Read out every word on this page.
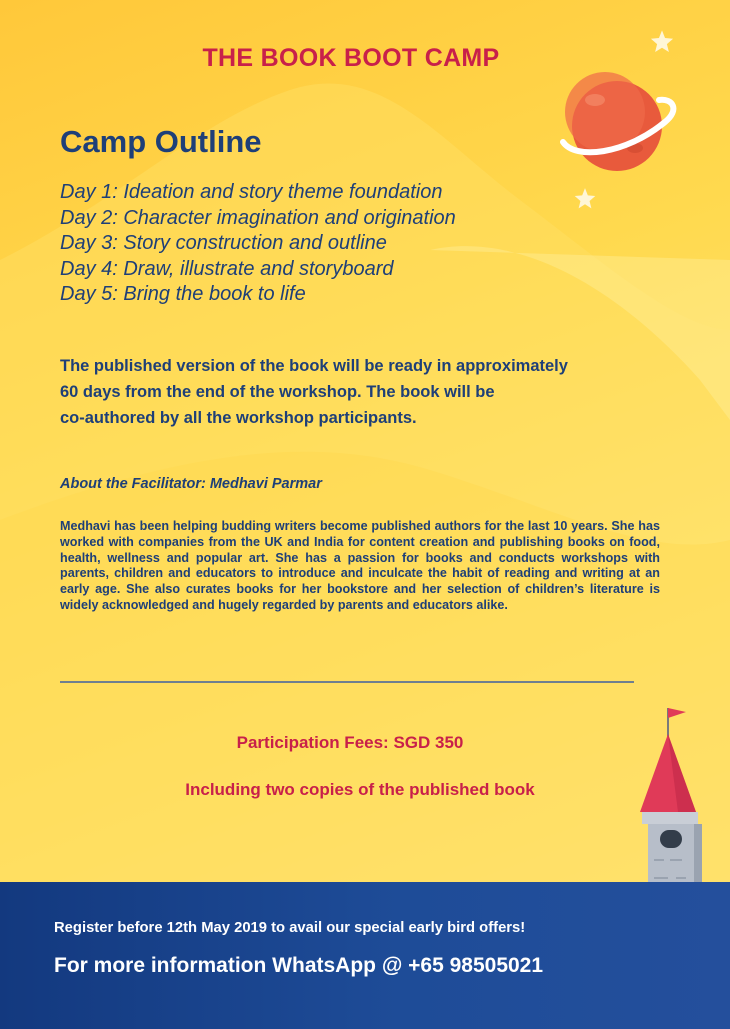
THE BOOK BOOT CAMP
Camp Outline
Day 1: Ideation and story theme foundation
Day 2: Character imagination and origination
Day 3: Story construction and outline
Day 4: Draw, illustrate and storyboard
Day 5: Bring the book to life

The published version of the book will be ready in approximately
60 days from the end of the workshop. The book will be
co-authored by all the workshop participants.

About the Facilitator: Medhavi Parmar

Medhavi has been helping budding writers become published authors for the last 10 years. She has worked with companies from the UK and India for content creation and publishing books on food, health, wellness and popular art. She has a passion for books and conducts workshops with parents, children and educators to introduce and inculcate the habit of reading and writing at an early age. She also curates books for her bookstore and her selection of children’s literature is widely acknowledged and hugely regarded by parents and educators alike.

Participation Fees: SGD 350

Including two copies of the published book

Register before 12th May 2019 to avail our special early bird offers!

For more information WhatsApp @ +65 98505021
